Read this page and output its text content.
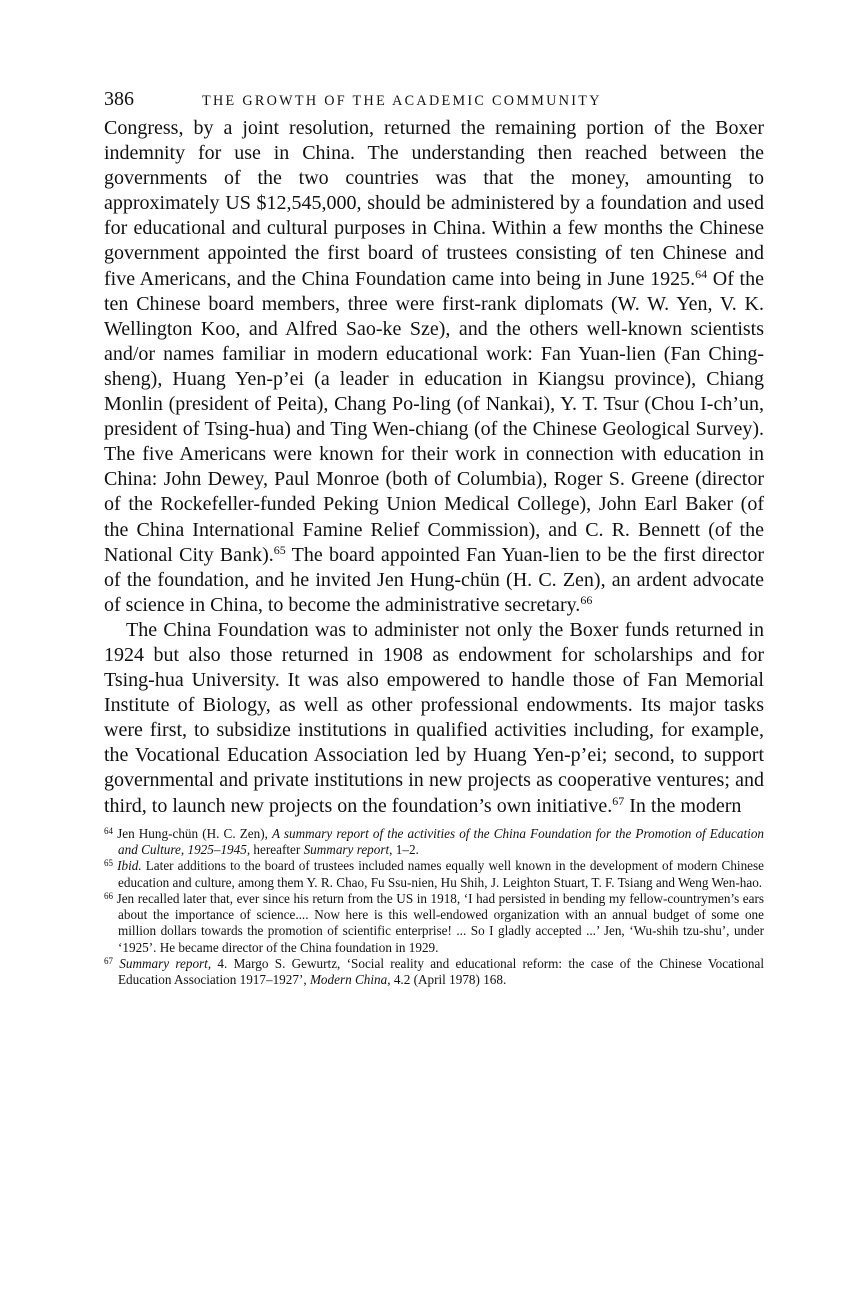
386	THE GROWTH OF THE ACADEMIC COMMUNITY

Congress, by a joint resolution, returned the remaining portion of the Boxer indemnity for use in China. The understanding then reached between the governments of the two countries was that the money, amounting to approximately US $12,545,000, should be administered by a foundation and used for educational and cultural purposes in China. Within a few months the Chinese government appointed the first board of trustees consisting of ten Chinese and five Americans, and the China Foundation came into being in June 1925.64 Of the ten Chinese board members, three were first-rank diplomats (W. W. Yen, V. K. Wellington Koo, and Alfred Sao-ke Sze), and the others well-known scientists and/or names familiar in modern educational work: Fan Yuan-lien (Fan Ching-sheng), Huang Yen-p’ei (a leader in education in Kiangsu province), Chiang Monlin (president of Peita), Chang Po-ling (of Nankai), Y. T. Tsur (Chou I-ch’un, president of Tsing-hua) and Ting Wen-chiang (of the Chinese Geological Survey). The five Americans were known for their work in connection with education in China: John Dewey, Paul Monroe (both of Columbia), Roger S. Greene (director of the Rockefeller-funded Peking Union Medical College), John Earl Baker (of the China International Famine Relief Commission), and C. R. Bennett (of the National City Bank).$^{65}$ The board appointed Fan Yuan-lien to be the first director of the foundation, and he invited Jen Hung-chün (H. C. Zen), an ardent advocate of science in China, to become the administrative secretary.$^{66}$

The China Foundation was to administer not only the Boxer funds returned in 1924 but also those returned in 1908 as endowment for scholarships and for Tsing-hua University. It was also empowered to handle those of Fan Memorial Institute of Biology, as well as other professional endowments. Its major tasks were first, to subsidize institutions in qualified activities including, for example, the Vocational Education Association led by Huang Yen-p’ei; second, to support governmental and private institutions in new projects as cooperative ventures; and third, to launch new projects on the foundation’s own initiative.$^{67}$ In the modern

$^{64}$ Jen Hung-chün (H. C. Zen), A summary report of the activities of the China Foundation for the Promotion of Education and Culture, 1925–1945, hereafter Summary report, 1–2.

$^{65}$ Ibid. Later additions to the board of trustees included names equally well known in the development of modern Chinese education and culture, among them Y. R. Chao, Fu Ssu-nien, Hu Shih, J. Leighton Stuart, T. F. Tsiang and Weng Wen-hao.

$^{66}$ Jen recalled later that, ever since his return from the US in 1918, ‘I had persisted in bending my fellow-countrymen’s ears about the importance of science.... Now here is this well-endowed organization with an annual budget of some one million dollars towards the promotion of scientific enterprise! ... So I gladly accepted ...’ Jen, ‘Wu-shih tzu-shu’, under ‘1925’. He became director of the China foundation in 1929.

$^{67}$ Summary report, 4. Margo S. Gewurtz, ‘Social reality and educational reform: the case of the Chinese Vocational Education Association 1917–1927’, Modern China, 4.2 (April 1978) 168.
